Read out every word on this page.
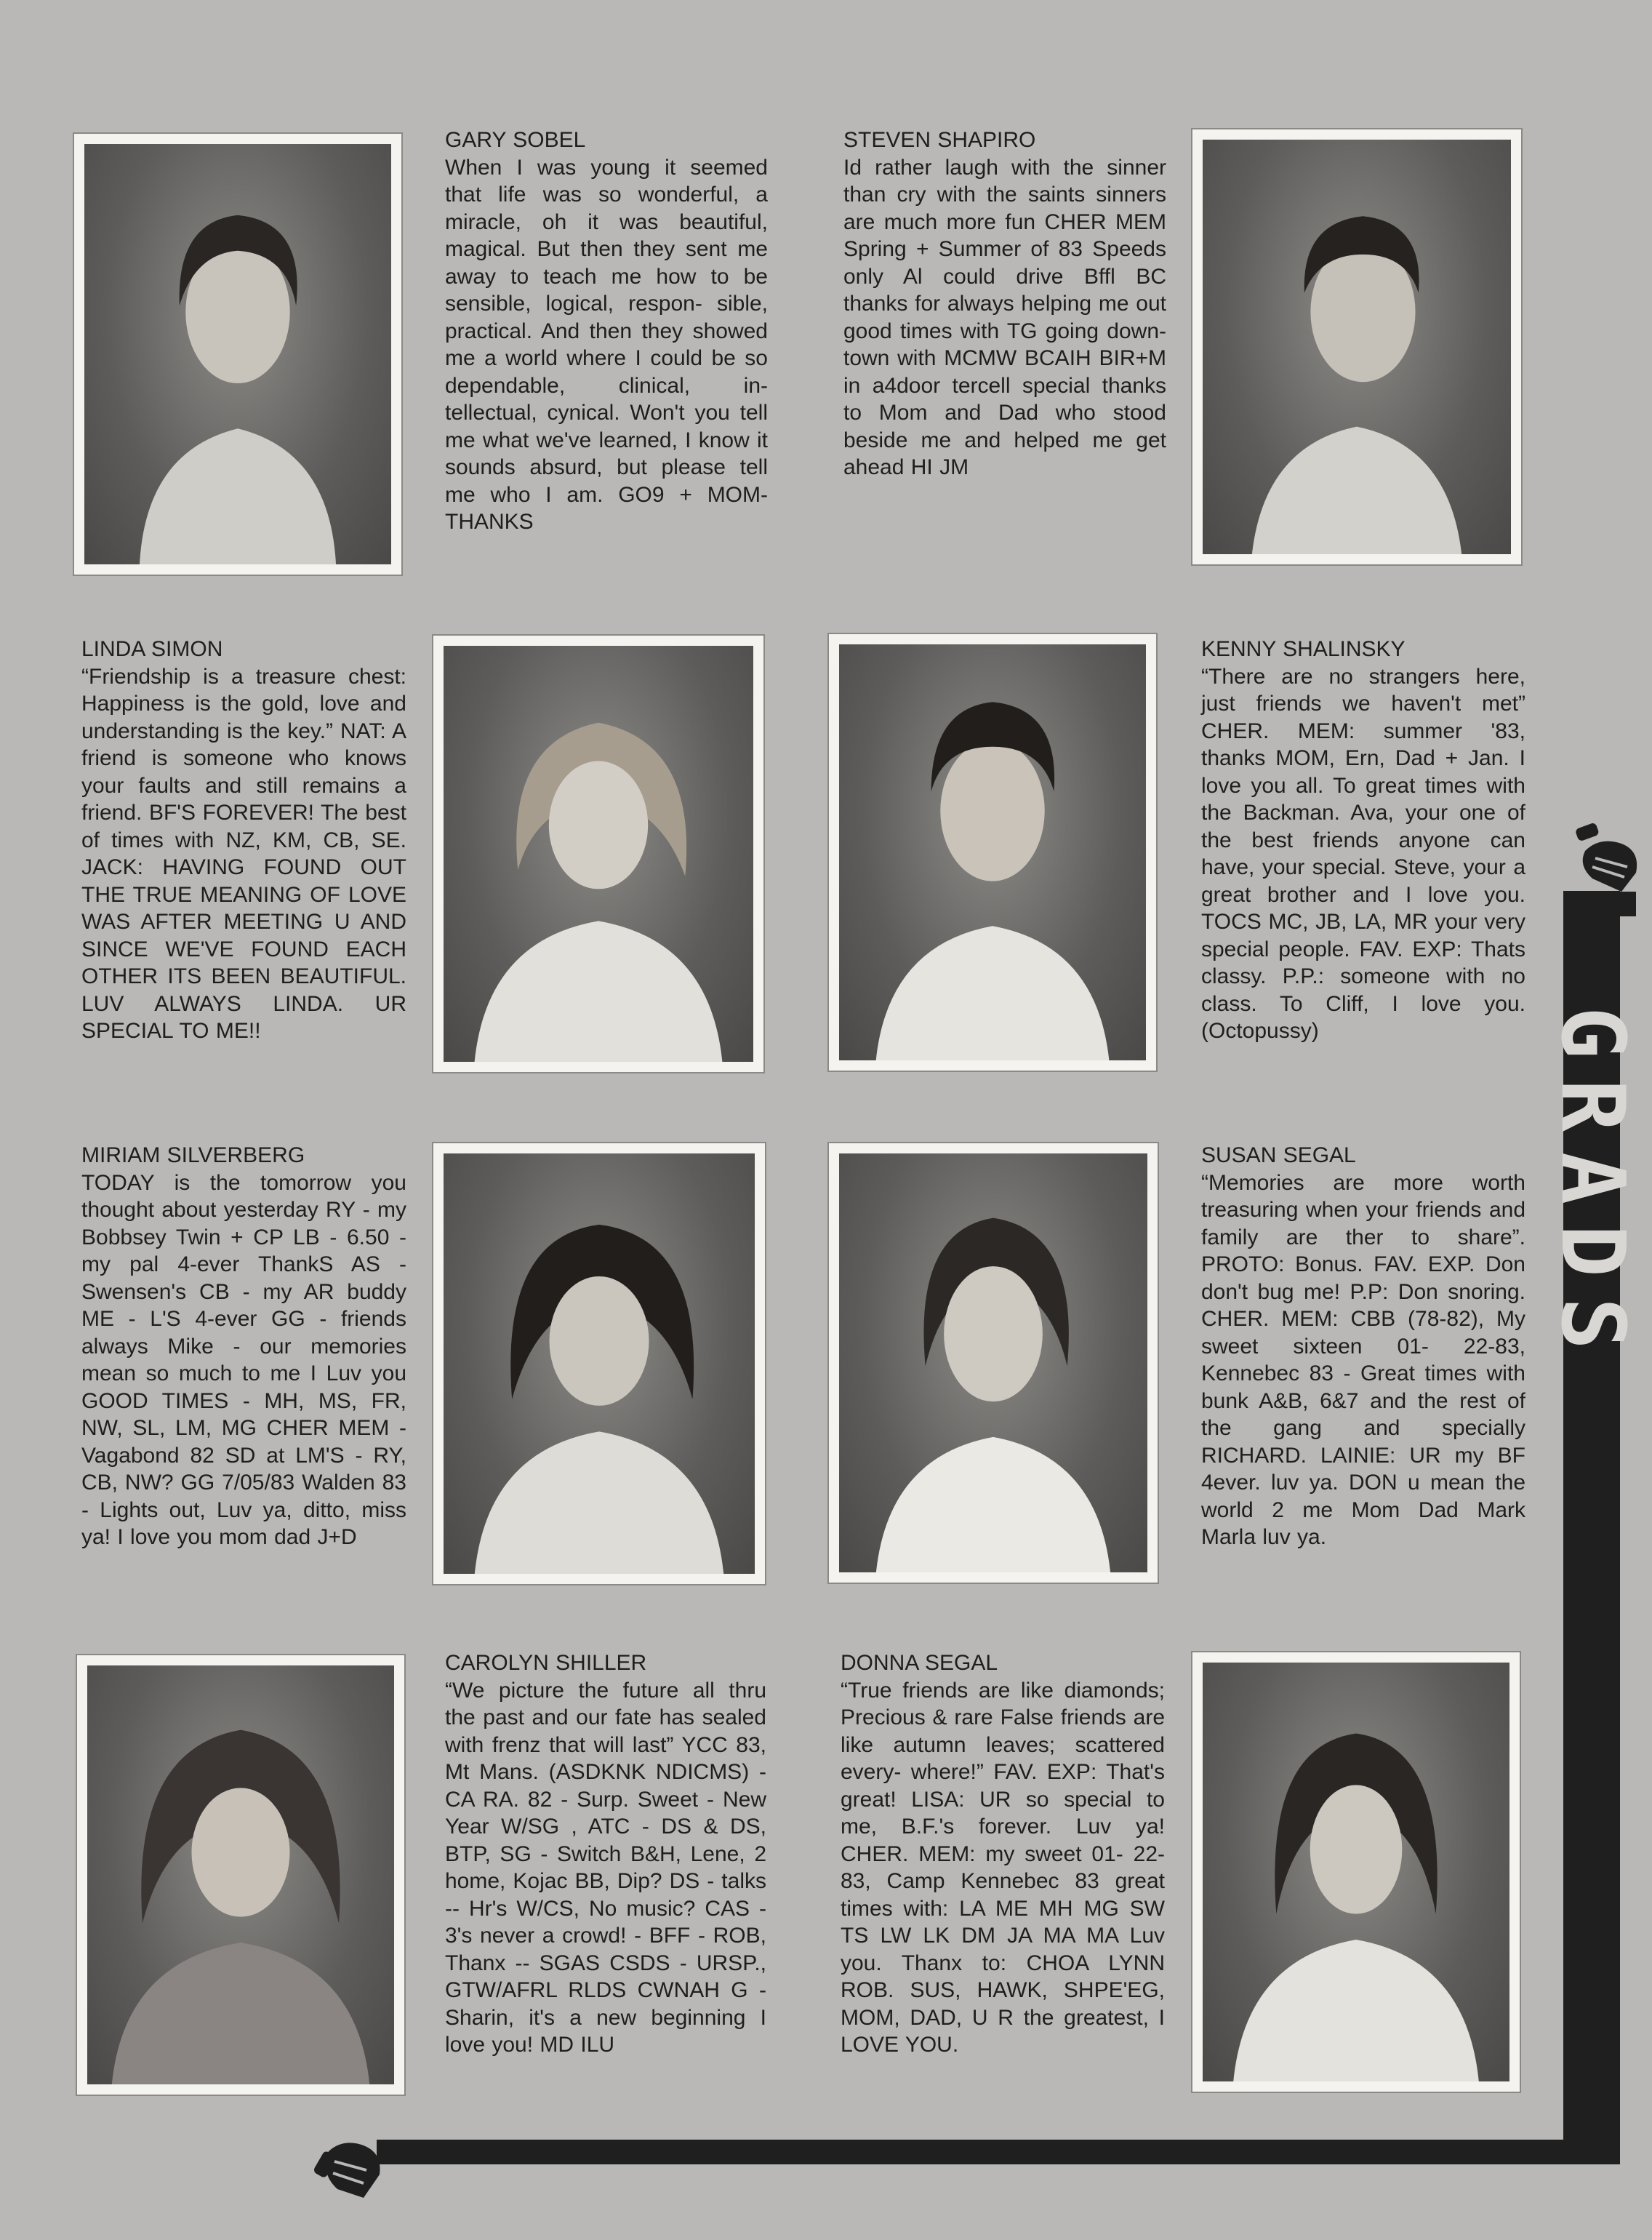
GARY SOBEL
When I was young it seemed that life was so wonderful, a miracle, oh it was beautiful, magical. But then they sent me away to teach me how to be sensible, logical, respon- sible, practical. And then they showed me a world where I could be so dependable, clinical, in- tellectual, cynical. Won't you tell me what we've learned, I know it sounds absurd, but please tell me who I am. GO9 + MOM- THANKS
STEVEN SHAPIRO
Id rather laugh with the sinner than cry with the saints sinners are much more fun CHER MEM Spring + Summer of 83 Speeds only Al could drive Bffl BC thanks for always helping me out good times with TG going down- town with MCMW BCAIH BIR+M in a4door tercell special thanks to Mom and Dad who stood beside me and helped me get ahead HI JM
LINDA SIMON
“Friendship is a treasure chest: Happiness is the gold, love and understanding is the key.” NAT: A friend is someone who knows your faults and still remains a friend. BF'S FOREVER! The best of times with NZ, KM, CB, SE. JACK: HAVING FOUND OUT THE TRUE MEANING OF LOVE WAS AFTER MEETING U AND SINCE WE'VE FOUND EACH OTHER ITS BEEN BEAUTIFUL. LUV ALWAYS LINDA. UR SPECIAL TO ME!!
KENNY SHALINSKY
“There are no strangers here, just friends we haven't met” CHER. MEM: summer '83, thanks MOM, Ern, Dad + Jan. I love you all. To great times with the Backman. Ava, your one of the best friends anyone can have, your special. Steve, your a great brother and I love you. TOCS MC, JB, LA, MR your very special people. FAV. EXP: Thats classy. P.P.: someone with no class. To Cliff, I love you. (Octopussy)
MIRIAM SILVERBERG
TODAY is the tomorrow you thought about yesterday RY - my Bobbsey Twin + CP LB - 6.50 - my pal 4-ever ThankS AS - Swensen's CB - my AR buddy ME - L'S 4-ever GG - friends always Mike - our memories mean so much to me I Luv you GOOD TIMES - MH, MS, FR, NW, SL, LM, MG CHER MEM - Vagabond 82 SD at LM'S - RY, CB, NW? GG 7/05/83 Walden 83 - Lights out, Luv ya, ditto, miss ya! I love you mom dad J+D
SUSAN SEGAL
“Memories are more worth treasuring when your friends and family are ther to share”. PROTO: Bonus. FAV. EXP. Don don't bug me! P.P: Don snoring. CHER. MEM: CBB (78-82), My sweet sixteen 01- 22-83, Kennebec 83 - Great times with bunk A&B, 6&7 and the rest of the gang and specially RICHARD. LAINIE: UR my BF 4ever. luv ya. DON u mean the world 2 me Mom Dad Mark Marla luv ya.
CAROLYN SHILLER
“We picture the future all thru the past and our fate has sealed with frenz that will last” YCC 83, Mt Mans. (ASDKNK NDICMS) - CA RA. 82 - Surp. Sweet - New Year W/SG , ATC - DS & DS, BTP, SG - Switch B&H, Lene, 2 home, Kojac BB, Dip? DS - talks -- Hr's W/CS, No music? CAS - 3's never a crowd! - BFF - ROB, Thanx -- SGAS CSDS - URSP., GTW/AFRL RLDS CWNAH G - Sharin, it's a new beginning I love you! MD ILU
DONNA SEGAL
“True friends are like diamonds; Precious & rare False friends are like autumn leaves; scattered every- where!” FAV. EXP: That's great! LISA: UR so special to me, B.F.'s forever. Luv ya! CHER. MEM: my sweet 01- 22-83, Camp Kennebec 83 great times with: LA ME MH MG SW TS LW LK DM JA MA MA Luv you. Thanx to: CHOA LYNN ROB. SUS, HAWK, SHPE'EG, MOM, DAD, U R the greatest, I LOVE YOU.
G
R
A
D
S
